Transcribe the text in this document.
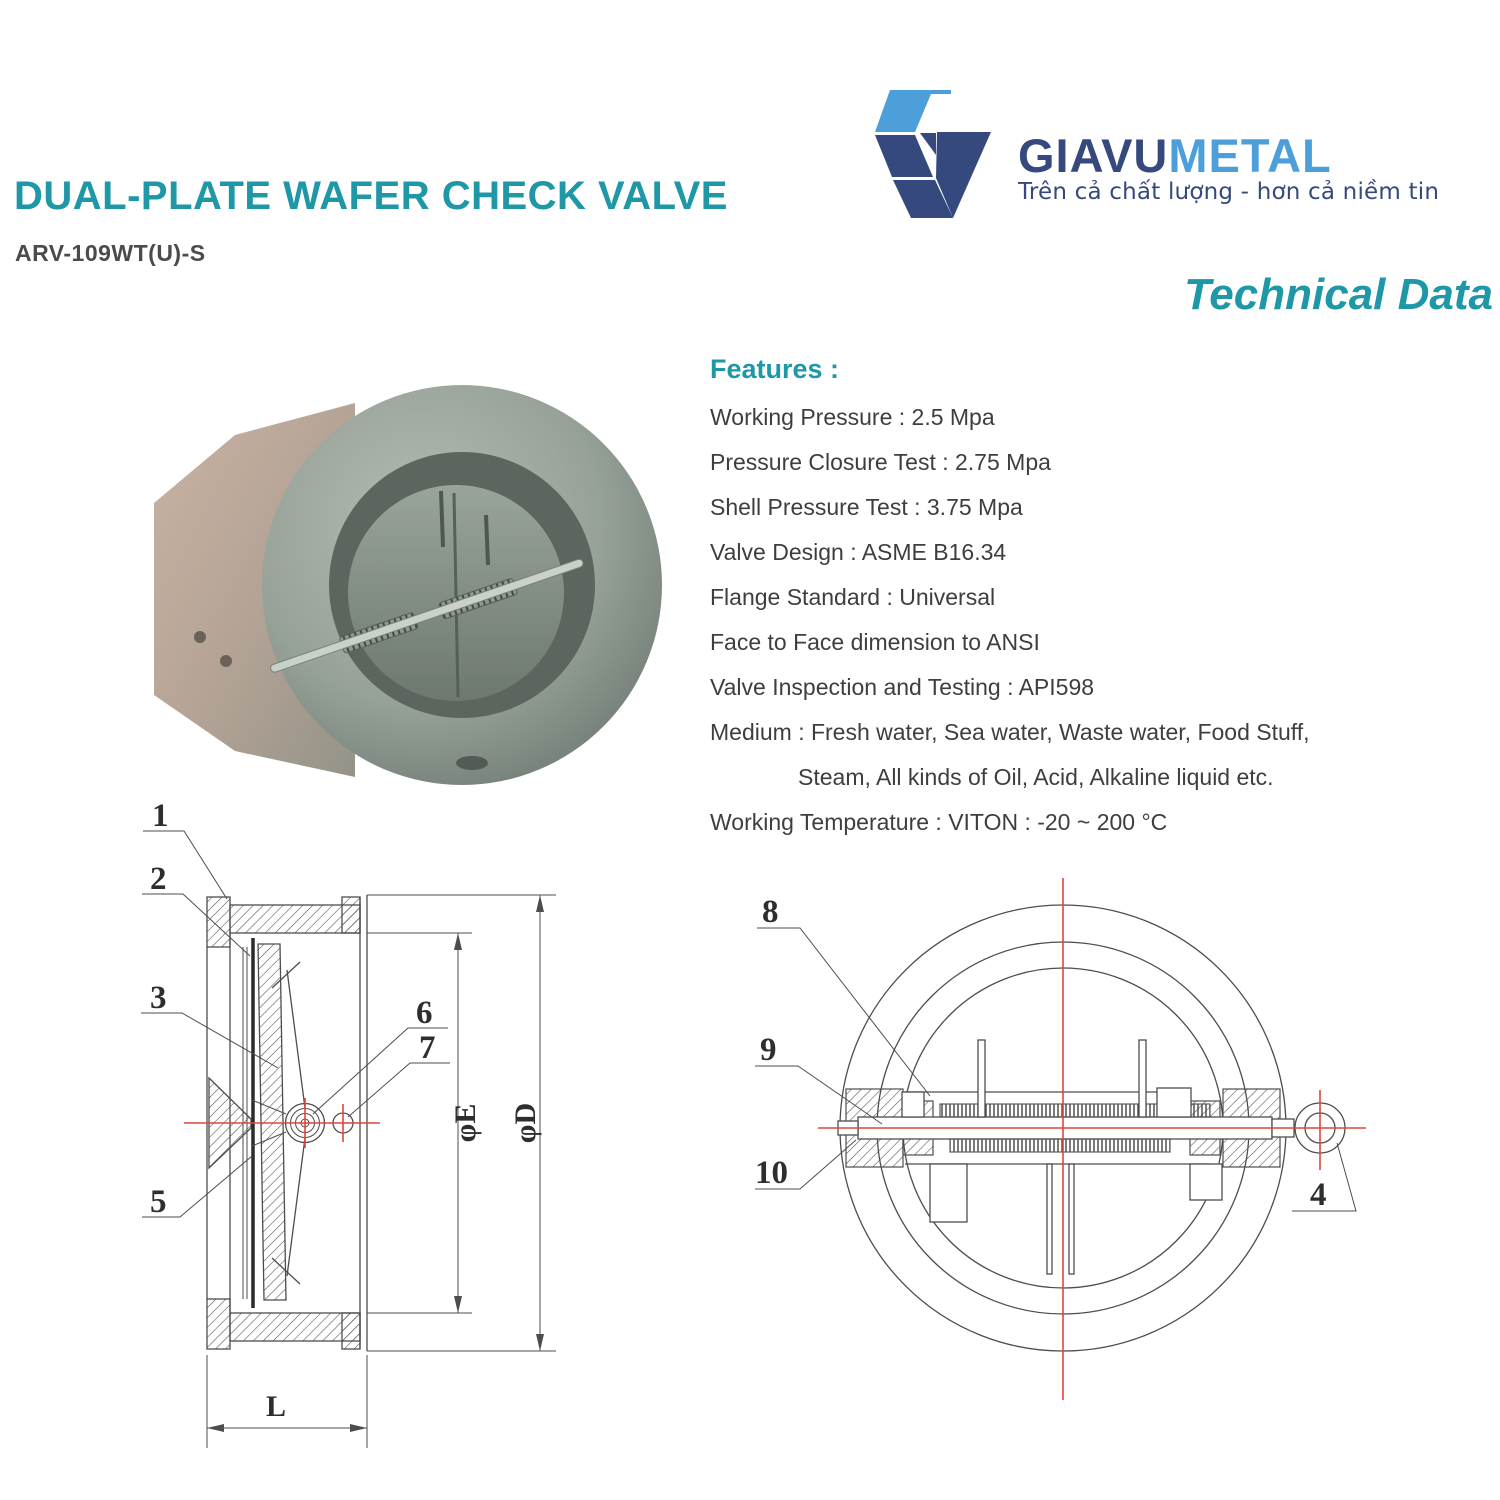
DUAL-PLATE WAFER CHECK VALVE
ARV-109WT(U)-S
Technical Data
GIAVUMETAL
Trên cả chất lượng - hơn cả niềm tin
Features :
Working Pressure : 2.5 Mpa
Pressure Closure Test : 2.75 Mpa
Shell Pressure Test : 3.75 Mpa
Valve Design : ASME B16.34
Flange Standard : Universal
Face to Face dimension to ANSI
Valve Inspection and Testing : API598
Medium : Fresh water, Sea water, Waste water, Food Stuff,
Steam, All kinds of Oil, Acid, Alkaline liquid etc.
Working Temperature : VITON : -20 ~ 200 °C
φE φD
L
1
2
3
5
6
7
8
9
10
4
